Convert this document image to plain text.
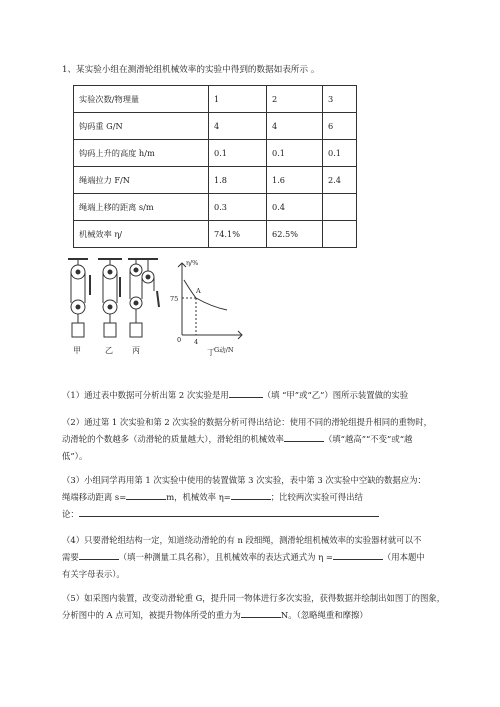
1、某实验小组在测滑轮组机械效率的实验中得到的数据如表所示 。
实验次数/物理量	1	2	3
钩码重 G/N	4	4	6
钩码上升的高度 h/m	0.1	0.1	0.1
绳端拉力 F/N	1.8	1.6	2.4
绳端上移的距离 s/m	0.3	0.4	
机械效率 η/	74.1%	62.5%	
甲	乙 丙	丁
η/%
75
A
4
G动/N
0
（1）通过表中数据可分析出第 2 次实验是用	（填 “甲”或“乙”）图所示装置做的实验
（2）通过第 1 次实验和第 2 次实验的数据分析可得出结论：使用不同的滑轮组提升相同的重物时，
动滑轮的个数越多（动滑轮的质量越大），滑轮组的机械效率	（填“越高”“不变”或“越
低”）。
（3）小组同学再用第 1 次实验中使用的装置做第 3 次实验，表中第 3 次实验中空缺的数据应为：
绳端移动距离 s=	m，机械效率 η=	；比较两次实验可得出结
论：
（4）只要滑轮组结构一定，知道绕动滑轮的有 n 段细绳，测滑轮组机械效率的实验器材就可以不
需要	（填一种测量工具名称），且机械效率的表达式通式为 η =	（用本题中
有关字母表示）。
（5）如采图内装置，改变动滑轮重 G，提升同一物体进行多次实验，获得数据并绘制出如图丁的图象，
分析图中的 A 点可知，被提升物体所受的重力为	N。（忽略绳重和摩擦）
